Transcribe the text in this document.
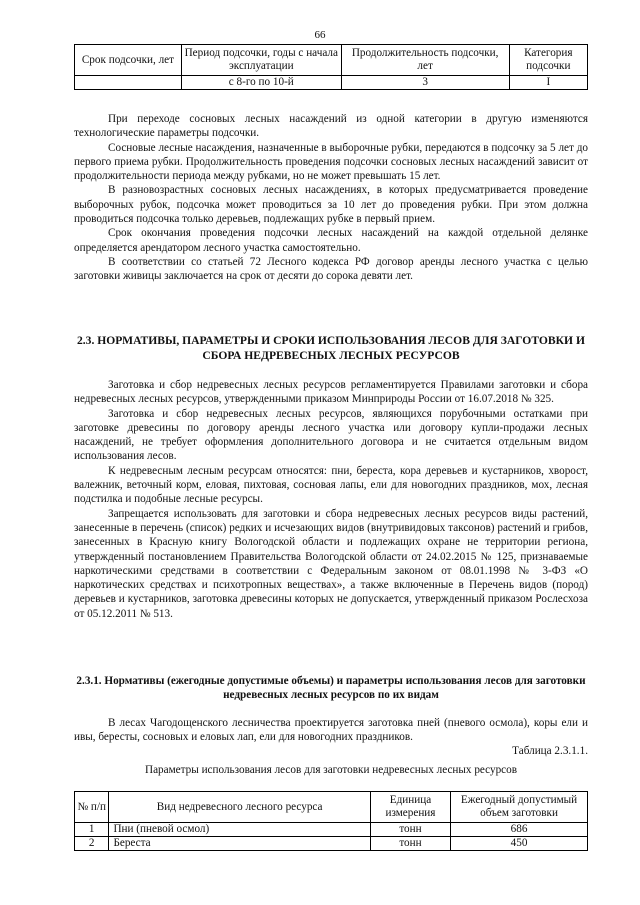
66
Срок подсочки, лет	Период подсочки, годы с начала эксплуатации	Продолжительность подсочки, лет	Категория подсочки
	с 8-го по 10-й	3	I

При переходе сосновых лесных насаждений из одной категории в другую изменяются технологические параметры подсочки.

Сосновые лесные насаждения, назначенные в выборочные рубки, передаются в подсочку за 5 лет до первого приема рубки. Продолжительность проведения подсочки сосновых лесных насаждений зависит от продолжительности периода между рубками, но не может превышать 15 лет.

В разновозрастных сосновых лесных насаждениях, в которых предусматривается проведение выборочных рубок, подсочка может проводиться за 10 лет до проведения рубки. При этом должна проводиться подсочка только деревьев, подлежащих рубке в первый прием.

Срок окончания проведения подсочки лесных насаждений на каждой отдельной делянке определяется арендатором лесного участка самостоятельно.

В соответствии со статьей 72 Лесного кодекса РФ договор аренды лесного участка с целью заготовки живицы заключается на срок от десяти до сорока девяти лет.

2.3. НОРМАТИВЫ, ПАРАМЕТРЫ И СРОКИ ИСПОЛЬЗОВАНИЯ ЛЕСОВ ДЛЯ ЗАГОТОВКИ И СБОРА НЕДРЕВЕСНЫХ ЛЕСНЫХ РЕСУРСОВ

Заготовка и сбор недревесных лесных ресурсов регламентируется Правилами заготовки и сбора недревесных лесных ресурсов, утвержденными приказом Минприроды России от 16.07.2018 № 325.

Заготовка и сбор недревесных лесных ресурсов, являющихся порубочными остатками при заготовке древесины по договору аренды лесного участка или договору купли-продажи лесных насаждений, не требует оформления дополнительного договора и не считается отдельным видом использования лесов.

К недревесным лесным ресурсам относятся: пни, береста, кора деревьев и кустарников, хворост, валежник, веточный корм, еловая, пихтовая, сосновая лапы, ели для новогодних праздников, мох, лесная подстилка и подобные лесные ресурсы.

Запрещается использовать для заготовки и сбора недревесных лесных ресурсов виды растений, занесенные в перечень (список) редких и исчезающих видов (внутривидовых таксонов) растений и грибов, занесенных в Красную книгу Вологодской области и подлежащих охране не территории региона, утвержденный постановлением Правительства Вологодской области от 24.02.2015 № 125, признаваемые наркотическими средствами в соответствии с Федеральным законом от 08.01.1998 № 3-ФЗ «О наркотических средствах и психотропных веществах», а также включенные в Перечень видов (пород) деревьев и кустарников, заготовка древесины которых не допускается, утвержденный приказом Рослесхоза от 05.12.2011 № 513.

2.3.1. Нормативы (ежегодные допустимые объемы) и параметры использования лесов для заготовки недревесных лесных ресурсов по их видам

В лесах Чагодощенского лесничества проектируется заготовка пней (пневого осмола), коры ели и ивы, бересты, сосновых и еловых лап, ели для новогодних праздников.

Таблица 2.3.1.1.
Параметры использования лесов для заготовки недревесных лесных ресурсов
№ п/п	Вид недревесного лесного ресурса	Единица измерения	Ежегодный допустимый объем заготовки
1	Пни (пневой осмол)	тонн	686
2	Береста	тонн	450
